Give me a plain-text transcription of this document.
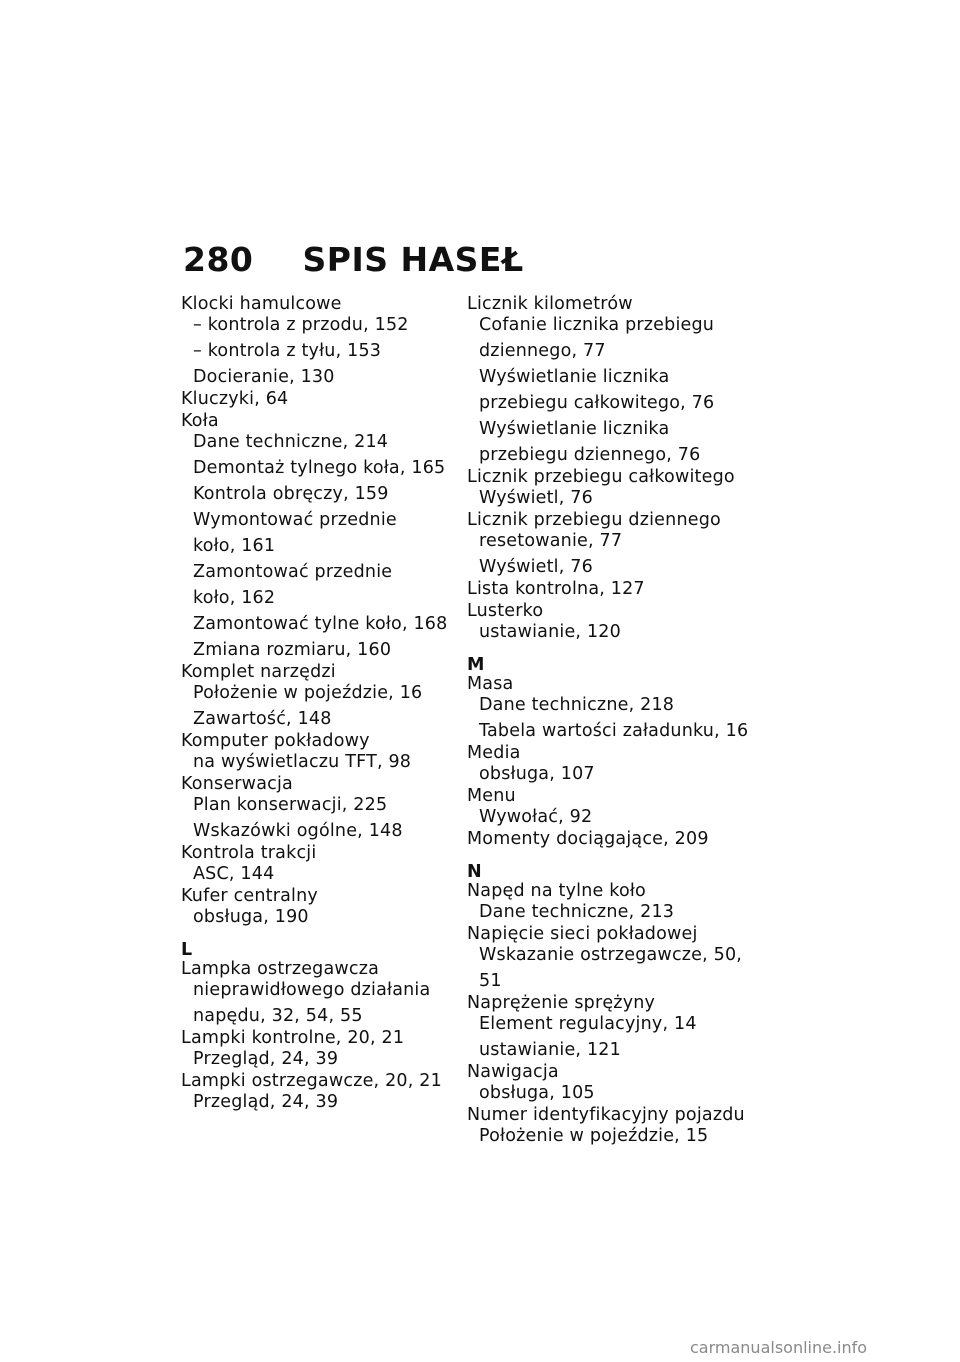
280 SPIS HASEŁ
Klocki hamulcowe
– kontrola z przodu, 152
– kontrola z tyłu, 153
Docieranie, 130
Kluczyki, 64
Koła
Dane techniczne, 214
Demontaż tylnego koła, 165
Kontrola obręczy, 159
Wymontować przednie
koło, 161
Zamontować przednie
koło, 162
Zamontować tylne koło, 168
Zmiana rozmiaru, 160
Komplet narzędzi
Położenie w pojeździe, 16
Zawartość, 148
Komputer pokładowy
na wyświetlaczu TFT, 98
Konserwacja
Plan konserwacji, 225
Wskazówki ogólne, 148
Kontrola trakcji
ASC, 144
Kufer centralny
obsługa, 190
L
Lampka ostrzegawcza
nieprawidłowego działania
napędu, 32, 54, 55
Lampki kontrolne, 20, 21
Przegląd, 24, 39
Lampki ostrzegawcze, 20, 21
Przegląd, 24, 39
Licznik kilometrów
Cofanie licznika przebiegu
dziennego, 77
Wyświetlanie licznika
przebiegu całkowitego, 76
Wyświetlanie licznika
przebiegu dziennego, 76
Licznik przebiegu całkowitego
Wyświetl, 76
Licznik przebiegu dziennego
resetowanie, 77
Wyświetl, 76
Lista kontrolna, 127
Lusterko
ustawianie, 120
M
Masa
Dane techniczne, 218
Tabela wartości załadunku, 16
Media
obsługa, 107
Menu
Wywołać, 92
Momenty dociągające, 209
N
Napęd na tylne koło
Dane techniczne, 213
Napięcie sieci pokładowej
Wskazanie ostrzegawcze, 50,
51
Naprężenie sprężyny
Element regulacyjny, 14
ustawianie, 121
Nawigacja
obsługa, 105
Numer identyfikacyjny pojazdu
Położenie w pojeździe, 15
carmanualsonline.info
